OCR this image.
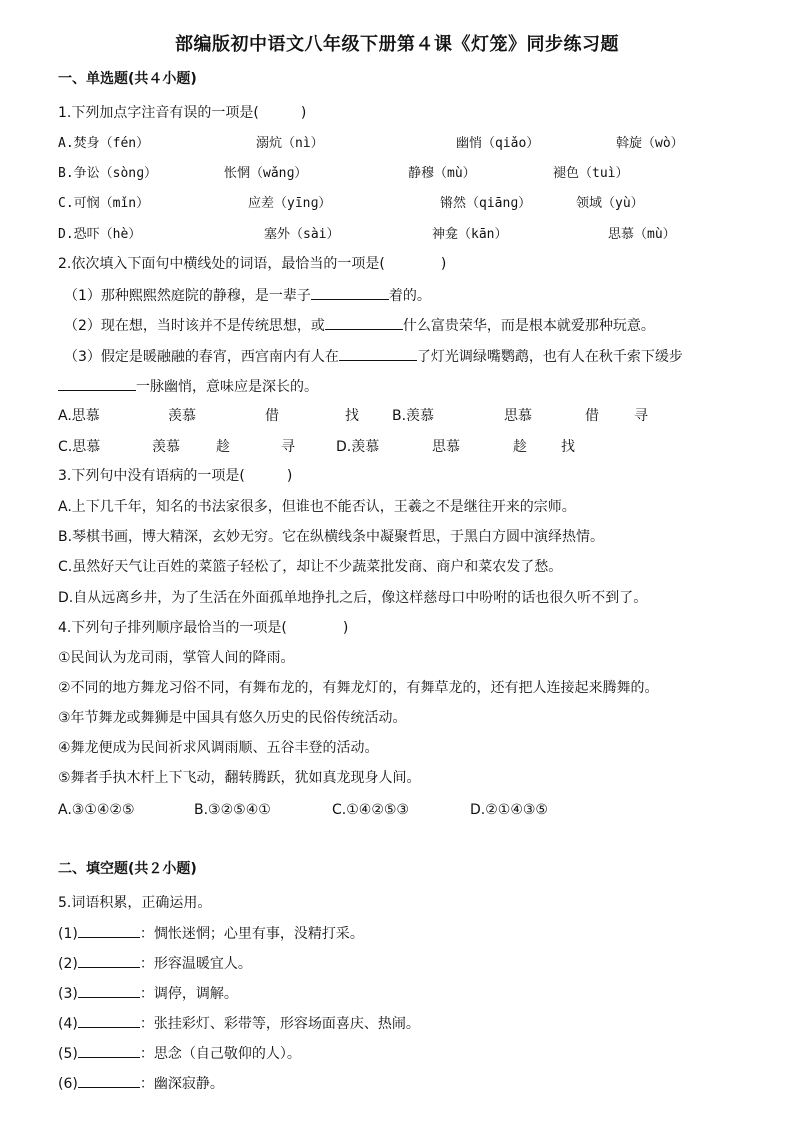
部编版初中语文八年级下册第４课《灯笼》同步练习题
一、单选题(共４小题)
1.下列加点字注音有误的一项是(　　　)
A.焚身（fén）	溺炕（nì）	幽悄（qiǎo）	斡旋（wò）
B.争讼（sònɡ）	怅惘（wǎnɡ）	静穆（mù）	褪色（tuì）
C.可悯（mǐn）	应差（yīnɡ）	锵然（qiānɡ）	领域（yù）
D.恐吓（hè）	塞外（sài）	神龛（kān）	思慕（mù）
2.依次填入下面句中横线处的词语，最恰当的一项是(　　　　)
（1）那种熙熙然庭院的静穆，是一辈子	着的。
（2）现在想，当时该并不是传统思想，或	什么富贵荣华，而是根本就爱那种玩意。
（3）假定是暖融融的春宵，西宫南内有人在	了灯光调绿嘴鹦鹉，也有人在秋千索下缓步
一脉幽悄，意味应是深长的。
A.思慕	羡慕	借	找 B.羡慕	思慕	借	寻
C.思慕	羡慕	趁	寻	D.羡慕	思慕	趁 找
3.下列句中没有语病的一项是(　　　)
A.上下几千年，知名的书法家很多，但谁也不能否认，王羲之不是继往开来的宗师。
B.琴棋书画，博大精深，玄妙无穷。它在纵横线条中凝聚哲思，于黑白方圆中演绎热情。
C.虽然好天气让百姓的菜篮子轻松了，却让不少蔬菜批发商、商户和菜农发了愁。
D.自从远离乡井，为了生活在外面孤单地挣扎之后，像这样慈母口中吩咐的话也很久听不到了。
4.下列句子排列顺序最恰当的一项是(　　　　)
①民间认为龙司雨，掌管人间的降雨。
②不同的地方舞龙习俗不同，有舞布龙的，有舞龙灯的，有舞草龙的，还有把人连接起来腾舞的。
③年节舞龙或舞狮是中国具有悠久历史的民俗传统活动。
④舞龙便成为民间祈求风调雨顺、五谷丰登的活动。
⑤舞者手执木杆上下飞动，翻转腾跃，犹如真龙现身人间。
A.③①④②⑤	B.③②⑤④①	C.①④②⑤③	D.②①④③⑤
二、填空题(共２小题)
5.词语积累，正确运用。
(1)	：惆怅迷惘；心里有事，没精打采。
(2)	：形容温暖宜人。
(3)	：调停，调解。
(4)	：张挂彩灯、彩带等，形容场面喜庆、热闹。
(5)	：思念（自己敬仰的人）。
(6)	：幽深寂静。
